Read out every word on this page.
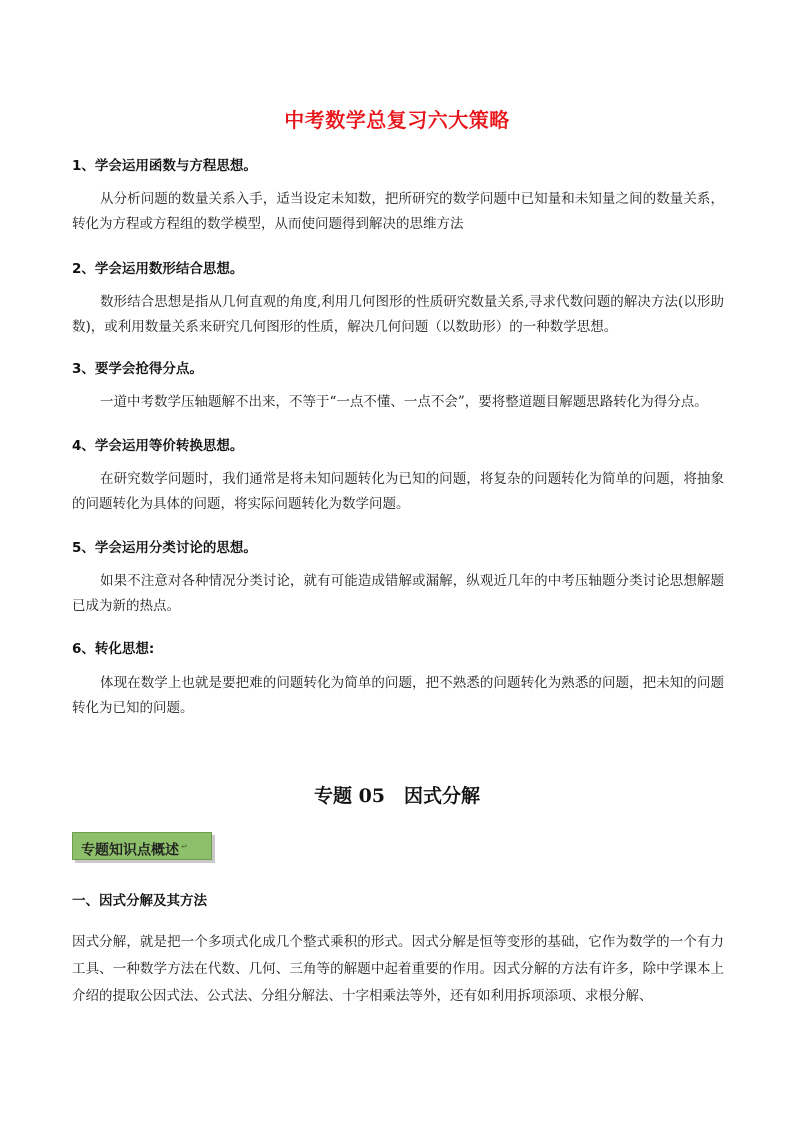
中考数学总复习六大策略
1、学会运用函数与方程思想。
从分析问题的数量关系入手，适当设定未知数，把所研究的数学问题中已知量和未知量之间的数量关系，转化为方程或方程组的数学模型，从而使问题得到解决的思维方法
2、学会运用数形结合思想。
数形结合思想是指从几何直观的角度,利用几何图形的性质研究数量关系,寻求代数问题的解决方法(以形助数)，或利用数量关系来研究几何图形的性质，解决几何问题（以数助形）的一种数学思想。
3、要学会抢得分点。
一道中考数学压轴题解不出来，不等于“一点不懂、一点不会”，要将整道题目解题思路转化为得分点。
4、学会运用等价转换思想。
在研究数学问题时，我们通常是将未知问题转化为已知的问题，将复杂的问题转化为简单的问题，将抽象的问题转化为具体的问题，将实际问题转化为数学问题。
5、学会运用分类讨论的思想。
如果不注意对各种情况分类讨论，就有可能造成错解或漏解，纵观近几年的中考压轴题分类讨论思想解题已成为新的热点。
6、转化思想:
体现在数学上也就是要把难的问题转化为简单的问题，把不熟悉的问题转化为熟悉的问题，把未知的问题转化为已知的问题。
专题 05　因式分解
专题知识点概述 ↵
一、因式分解及其方法
因式分解，就是把一个多项式化成几个整式乘积的形式。因式分解是恒等变形的基础，它作为数学的一个有力工具、一种数学方法在代数、几何、三角等的解题中起着重要的作用。因式分解的方法有许多，除中学课本上介绍的提取公因式法、公式法、分组分解法、十字相乘法等外，还有如利用拆项添项、求根分解、
